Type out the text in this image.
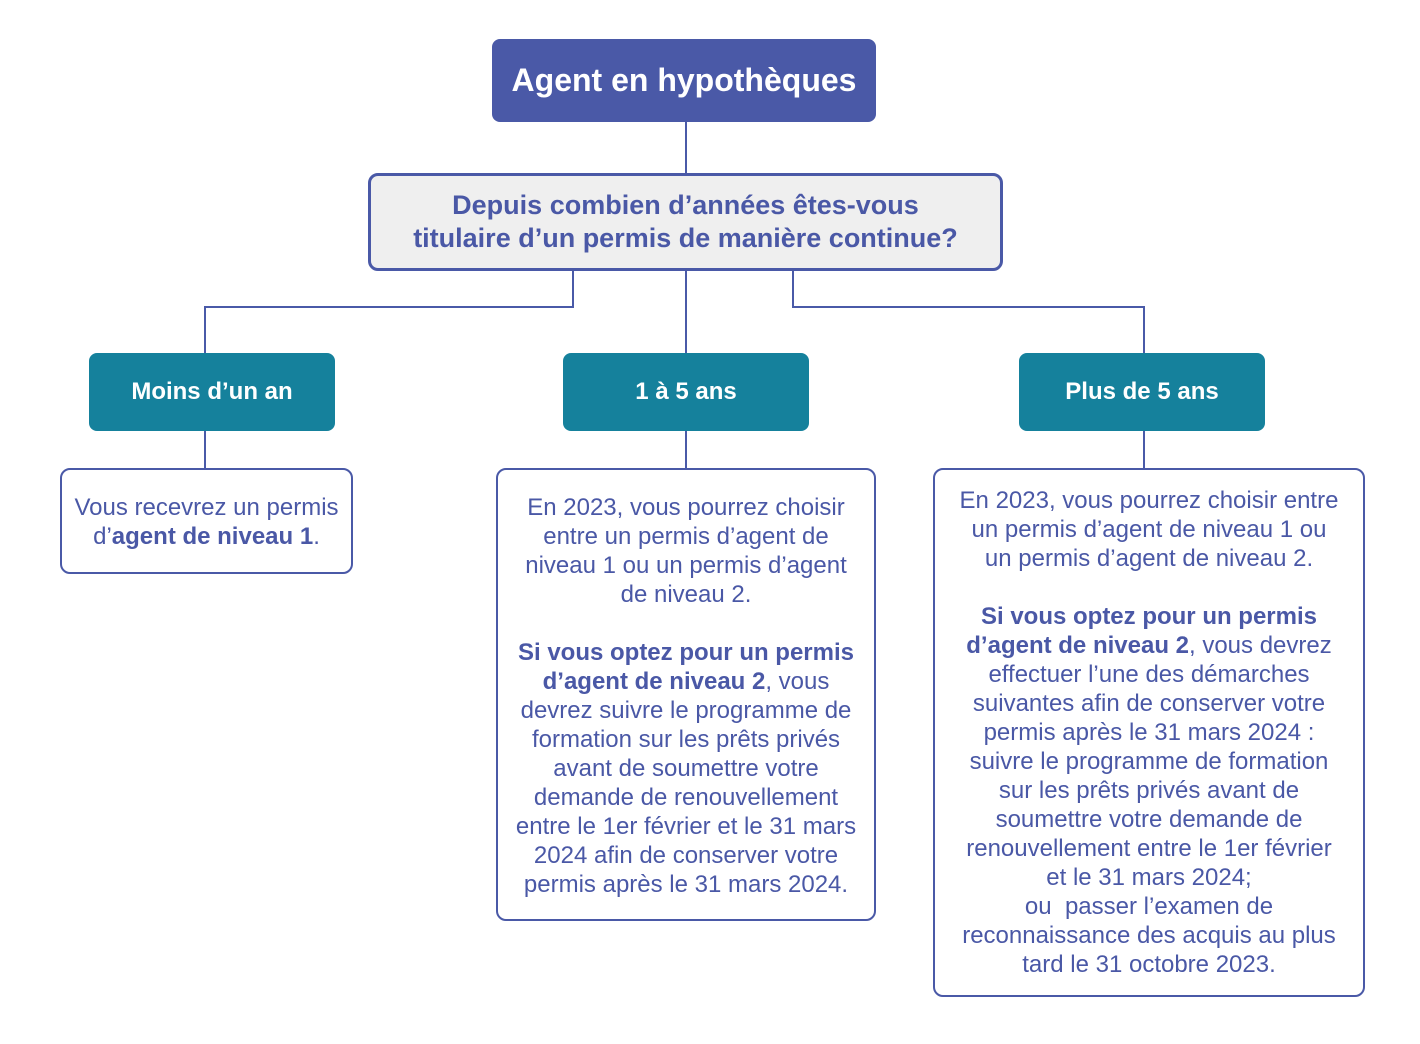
Agent en hypothèques
Depuis combien d’années êtes-vous
titulaire d’un permis de manière continue?
Moins d’un an	1 à 5 ans	Plus de 5 ans
Vous recevrez un permis
d’agent de niveau 1.
En 2023, vous pourrez choisir
entre un permis d’agent de
niveau 1 ou un permis d’agent
de niveau 2.
Si vous optez pour un permis
d’agent de niveau 2, vous
devrez suivre le programme de
formation sur les prêts privés
avant de soumettre votre
demande de renouvellement
entre le 1er février et le 31 mars
2024 afin de conserver votre
permis après le 31 mars 2024.
En 2023, vous pourrez choisir entre
un permis d’agent de niveau 1 ou
un permis d’agent de niveau 2.
Si vous optez pour un permis
d’agent de niveau 2, vous devrez
effectuer l’une des démarches
suivantes afin de conserver votre
permis après le 31 mars 2024 :
suivre le programme de formation
sur les prêts privés avant de
soumettre votre demande de
renouvellement entre le 1er février
et le 31 mars 2024;
ou  passer l’examen de
reconnaissance des acquis au plus
tard le 31 octobre 2023.
